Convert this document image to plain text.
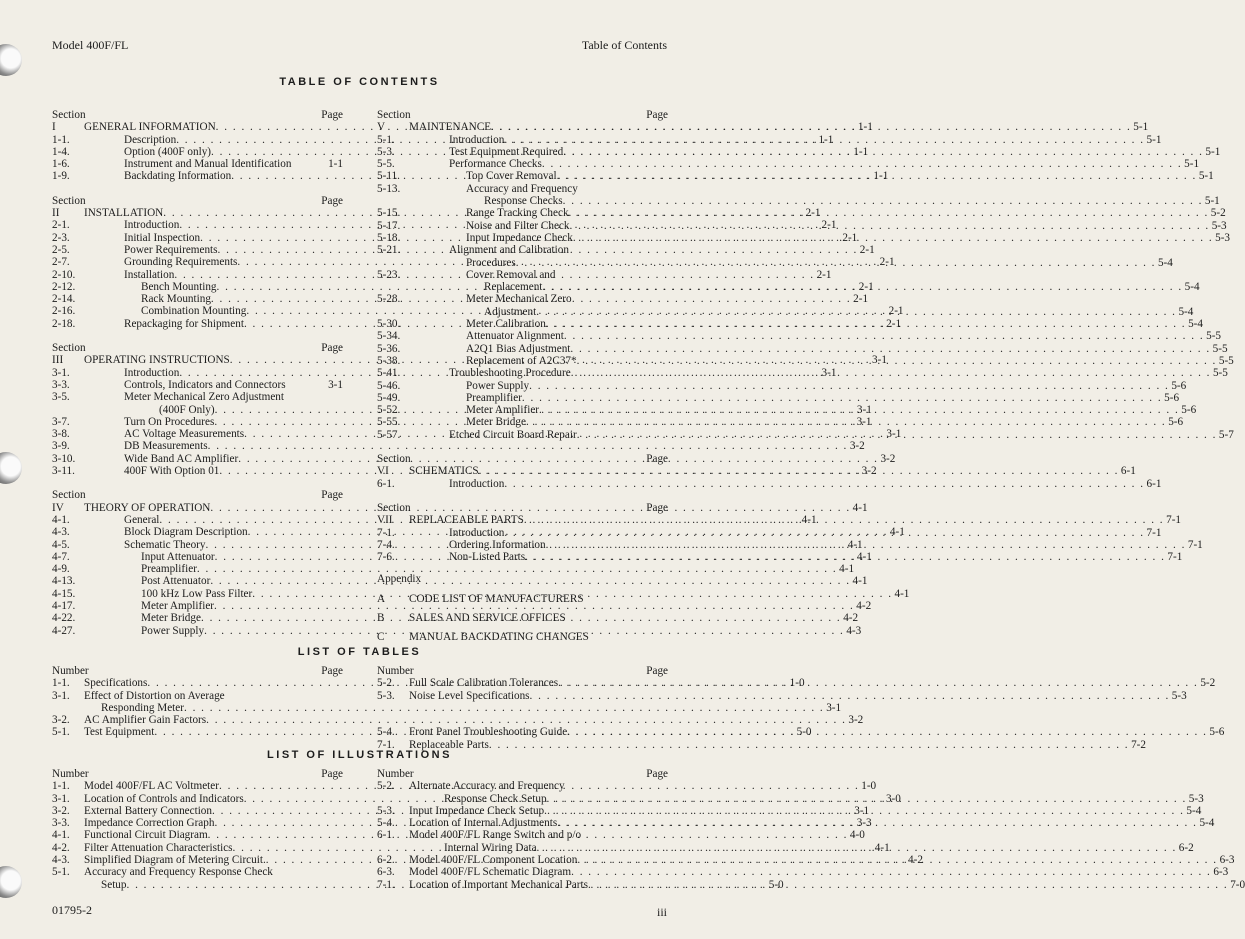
Model 400F/FL	Table of Contents
TABLE OF CONTENTS
Section	Page
I	GENERAL INFORMATION . . .	1-1
1-1.	Description . . .	1-1
1-4.	Option (400F only) . . .	1-1
1-6.	Instrument and Manual Identification	1-1
1-9.	Backdating Information . . .	1-1
Section	Page
II	INSTALLATION . . .	2-1
2-1.	Introduction . . .	2-1
2-3.	Initial Inspection . . .	2-1
2-5.	Power Requirements . . .	2-1
2-7.	Grounding Requirements . . .	2-1
2-10.	Installation . . .	2-1
2-12.	Bench Mounting . . .	2-1
2-14.	Rack Mounting . . .	2-1
2-16.	Combination Mounting . . .	2-1
2-18.	Repackaging for Shipment . . .	2-1
Section	Page
III	OPERATING INSTRUCTIONS . . .	3-1
3-1.	Introduction . . .	3-1
3-3.	Controls, Indicators and Connectors	3-1
3-5.	Meter Mechanical Zero Adjustment
(400F Only) . . .	3-1
3-7.	Turn On Procedures . . .	3-1
3-8.	AC Voltage Measurements . . .	3-1
3-9.	DB Measurements . . .	3-2
3-10.	Wide Band AC Amplifier . . .	3-2
3-11.	400F With Option 01 . . .	3-2
Section	Page
IV	THEORY OF OPERATION . . .	4-1
4-1.	General . . .	4-1
4-3.	Block Diagram Description . . .	4-1
4-5.	Schematic Theory . . .	4-1
4-7.	Input Attenuator . . .	4-1
4-9.	Preamplifier . . .	4-1
4-13.	Post Attenuator . . .	4-1
4-15.	100 kHz Low Pass Filter . . .	4-1
4-17.	Meter Amplifier . . .	4-2
4-22.	Meter Bridge . . .	4-2
4-27.	Power Supply . . .	4-3
Section	Page
V	MAINTENANCE . . .	5-1
5-1.	Introduction . . .	5-1
5-3.	Test Equipment Required . . .	5-1
5-5.	Performance Checks . . .	5-1
5-11.	Top Cover Removal . . .	5-1
5-13.	Accuracy and Frequency
Response Checks . . .	5-1
5-15.	Range Tracking Check . . .	5-2
5-17.	Noise and Filter Check . . .	5-3
5-18.	Input Impedance Check . . .	5-3
5-21.	Alignment and Calibration
Procedures . . .	5-4
5-23.	Cover Removal and
Replacement . . .	5-4
5-28.	Meter Mechanical Zero
Adjustment . . .	5-4
5-30.	Meter Calibration . . .	5-4
5-34.	Attenuator Alignment . . .	5-5
5-36.	A2Q1 Bias Adjustment . . .	5-5
5-38.	Replacement of A2C37* . . .	5-5
5-41.	Troubleshooting Procedure . . .	5-5
5-46.	Power Supply . . .	5-6
5-49.	Preamplifier . . .	5-6
5-52.	Meter Amplifier . . .	5-6
5-55.	Meter Bridge . . .	5-6
5-57.	Etched Circuit Board Repair . . .	5-7
Section	Page
VI	SCHEMATICS . . .	6-1
6-1.	Introduction . . .	6-1
Section	Page
VII	REPLACEABLE PARTS . . .	7-1
7-1.	Introduction . . .	7-1
7-4.	Ordering Information . . .	7-1
7-6.	Non-Listed Parts . . .	7-1
Appendix
A	CODE LIST OF MANUFACTURERS
B	SALES AND SERVICE OFFICES
C	MANUAL BACKDATING CHANGES
LIST OF TABLES
Number	Page
1-1.	Specifications . . .	1-0
3-1.	Effect of Distortion on Average
Responding Meter . . .	3-1
3-2.	AC Amplifier Gain Factors . . .	3-2
5-1.	Test Equipment . . .	5-0
Number	Page
5-2.	Full Scale Calibration Tolerances . . .	5-2
5-3.	Noise Level Specifications . . .	5-3
5-4.	Front Panel Troubleshooting Guide . . .	5-6
7-1.	Replaceable Parts . . .	7-2
LIST OF ILLUSTRATIONS
Number	Page
1-1.	Model 400F/FL AC Voltmeter . . .	1-0
3-1.	Location of Controls and Indicators . . .	3-0
3-2.	External Battery Connection . . .	3-1
3-3.	Impedance Correction Graph . . .	3-3
4-1.	Functional Circuit Diagram . . .	4-0
4-2.	Filter Attenuation Characteristics . . .	4-1
4-3.	Simplified Diagram of Metering Circuit. . . .	4-2
5-1.	Accuracy and Frequency Response Check
Setup . . .	5-0
Number	Page
5-2.	Alternate Accuracy and Frequency
Response Check Setup . . .	5-3
5-3.	Input Impedance Check Setup . . .	5-4
5-4.	Location of Internal Adjustments . . .	5-4
6-1.	Model 400F/FL Range Switch and p/o
Internal Wiring Data . . .	6-2
6-2.	Model 400F/FL Component Location . . .	6-3
6-3.	Model 400F/FL Schematic Diagram . . .	6-3
7-1.	Location of Important Mechanical Parts . . .	7-0
01795-2	iii
